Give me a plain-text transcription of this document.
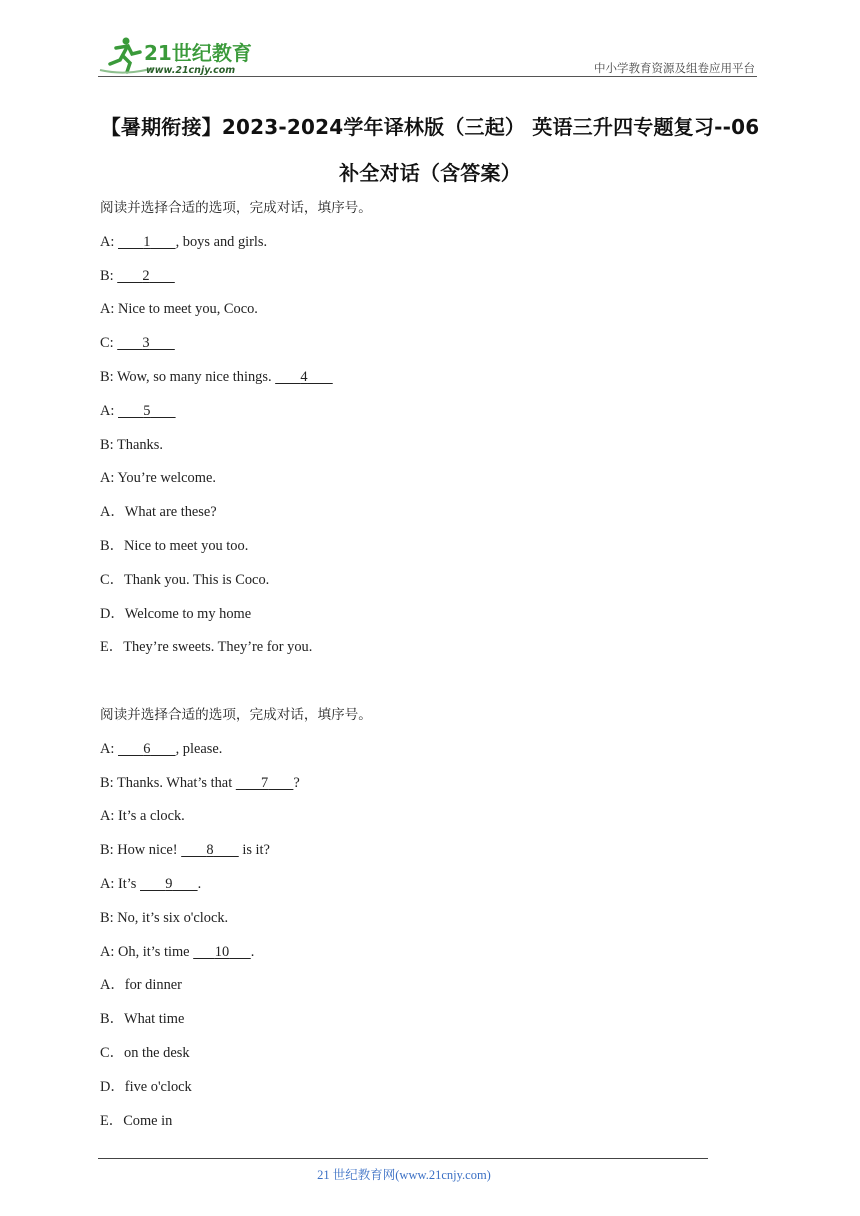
21世纪教育
www.21cnjy.com	中小学教育资源及组卷应用平台
【暑期衔接】2023-2024学年译林版（三起） 英语三升四专题复习--06
补全对话（含答案）
阅读并选择合适的选项，完成对话，填序号。
A: 1 , boys and girls.
B: 2
A: Nice to meet you, Coco.
C: 3
B: Wow, so many nice things. 4
A: 5
B: Thanks.
A: You’re welcome.
A．What are these?
B．Nice to meet you too.
C．Thank you. This is Coco.
D．Welcome to my home
E．They’re sweets. They’re for you.
阅读并选择合适的选项，完成对话，填序号。
A: 6 , please.
B: Thanks. What’s that 7 ?
A: It’s a clock.
B: How nice! 8        is it?
A: It’s 9 .
B: No, it’s six o'clock.
A: Oh, it’s time 10 .
A．for dinner
B．What time
C．on the desk
D．five o'clock
E．Come in
21 世纪教育网(www.21cnjy.com)
